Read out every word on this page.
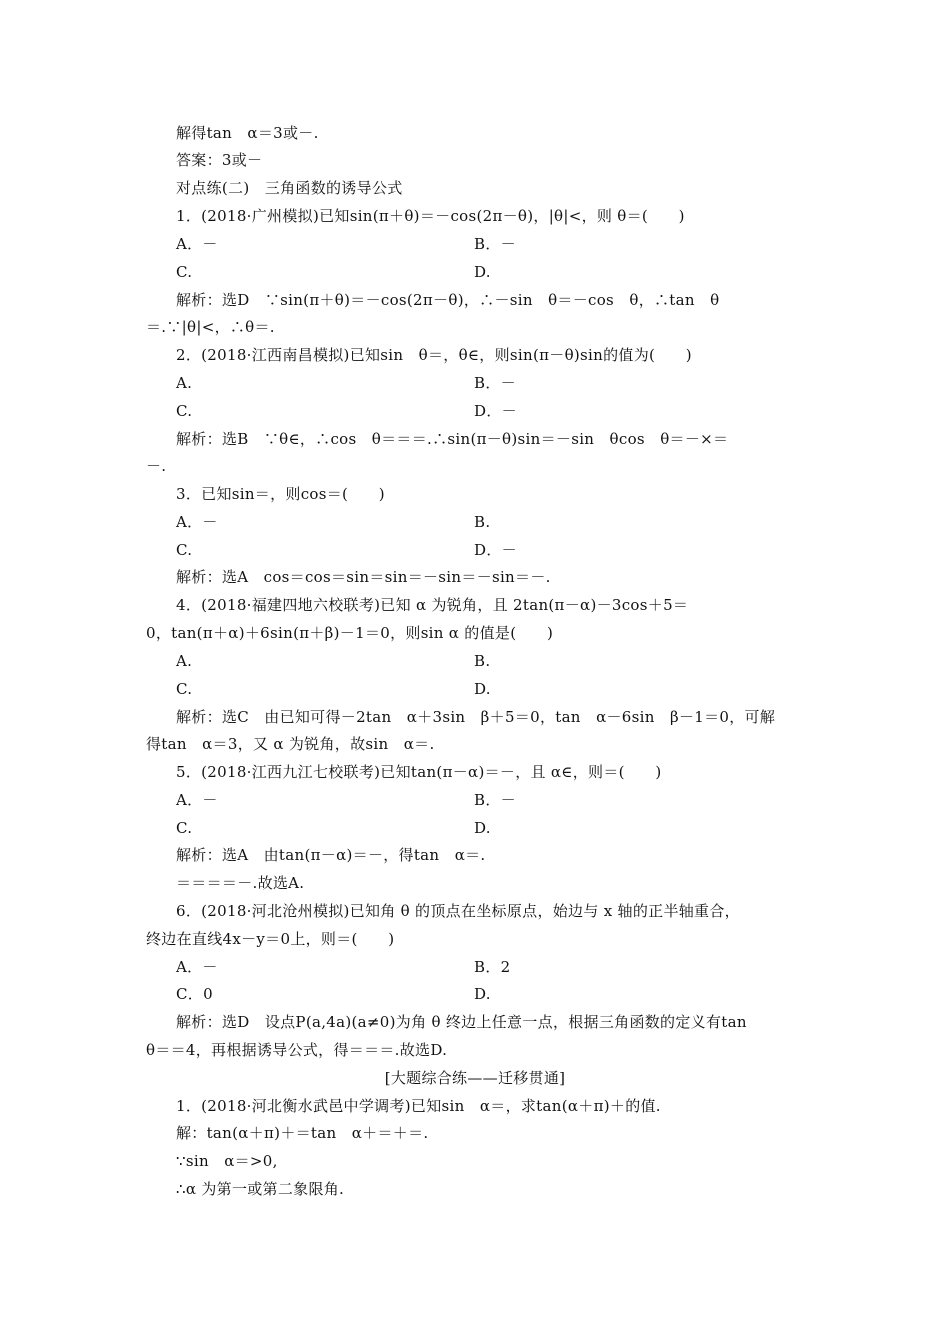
解得tan　α＝3或－.
答案：3或－
对点练(二)　三角函数的诱导公式
1．(2018·广州模拟)已知sin(π＋θ)＝－cos(2π－θ)，|θ|<，则 θ＝(　　)
A．－	B．－
C.	D.
解析：选D　∵sin(π＋θ)＝－cos(2π－θ)，∴－sin　θ＝－cos　θ，∴tan　θ
＝.∵|θ|<，∴θ＝.
2．(2018·江西南昌模拟)已知sin　θ＝，θ∈，则sin(π－θ)sin的值为(　　)
A.	B．－
C.	D．－
解析：选B　∵θ∈，∴cos　θ＝＝＝.∴sin(π－θ)sin＝－sin　θcos　θ＝－×＝
－.
3．已知sin＝，则cos＝(　　)
A．－	B.
C.	D．－
解析：选A　cos＝cos＝sin＝sin＝－sin＝－sin＝－.
4．(2018·福建四地六校联考)已知 α 为锐角，且 2tan(π－α)－3cos＋5＝
0，tan(π＋α)＋6sin(π＋β)－1＝0，则sin α 的值是(　　)
A.	B.
C.	D.
解析：选C　由已知可得－2tan　α＋3sin　β＋5＝0，tan　α－6sin　β－1＝0，可解
得tan　α＝3，又 α 为锐角，故sin　α＝.
5．(2018·江西九江七校联考)已知tan(π－α)＝－，且 α∈，则＝(　　)
A．－	B．－
C.	D.
解析：选A　由tan(π－α)＝－，得tan　α＝.
＝＝＝＝－.故选A.
6．(2018·河北沧州模拟)已知角 θ 的顶点在坐标原点，始边与 x 轴的正半轴重合，
终边在直线4x－y＝0上，则＝(　　)
A．－	B．2
C．0	D.
解析：选D　设点P(a,4a)(a≠0)为角 θ 终边上任意一点，根据三角函数的定义有tan
θ＝＝4，再根据诱导公式，得＝＝＝.故选D.
[大题综合练——迁移贯通]
1．(2018·河北衡水武邑中学调考)已知sin　α＝，求tan(α＋π)＋的值.
解：tan(α＋π)＋＝tan　α＋＝＋＝.
∵sin　α＝>0,
∴α 为第一或第二象限角.
